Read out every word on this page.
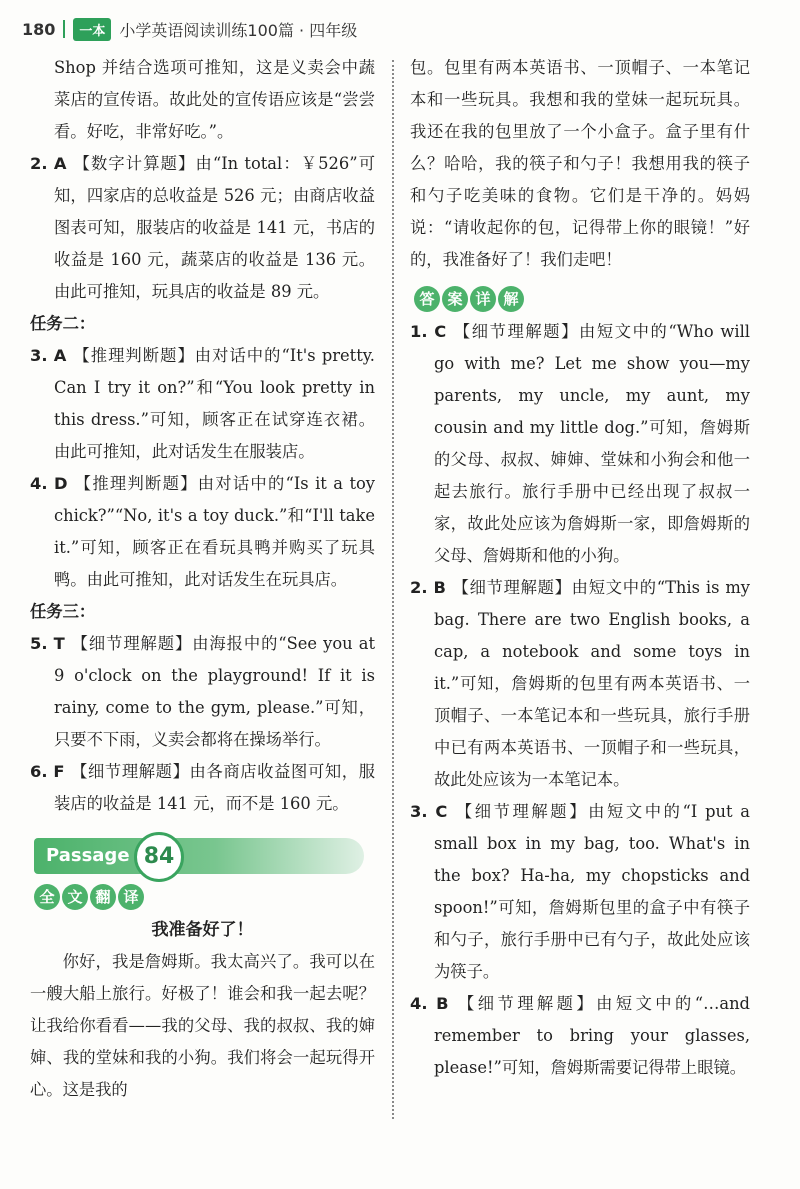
180	一本 小学英语阅读训练100篇 · 四年级

Shop 并结合选项可推知，这是义卖会中蔬菜店的宣传语。故此处的宣传语应该是“尝尝看。好吃，非常好吃。”。

2. A 【数字计算题】由“In total：￥526”可知，四家店的总收益是 526 元；由商店收益图表可知，服装店的收益是 141 元，书店的收益是 160 元，蔬菜店的收益是 136 元。由此可推知，玩具店的收益是 89 元。

任务二：

3. A 【推理判断题】由对话中的“It's pretty. Can I try it on?”和“You look pretty in this dress.”可知，顾客正在试穿连衣裙。由此可推知，此对话发生在服装店。

4. D 【推理判断题】由对话中的“Is it a toy chick?”“No, it's a toy duck.”和“I'll take it.”可知，顾客正在看玩具鸭并购买了玩具鸭。由此可推知，此对话发生在玩具店。

任务三：

5. T 【细节理解题】由海报中的“See you at 9 o'clock on the playground! If it is rainy, come to the gym, please.”可知，只要不下雨，义卖会都将在操场举行。

6. F 【细节理解题】由各商店收益图可知，服装店的收益是 141 元，而不是 160 元。

Passage 84
全 文 翻 译

我准备好了！

你好，我是詹姆斯。我太高兴了。我可以在一艘大船上旅行。好极了！谁会和我一起去呢？让我给你看看——我的父母、我的叔叔、我的婶婶、我的堂妹和我的小狗。我们将会一起玩得开心。这是我的

包。包里有两本英语书、一顶帽子、一本笔记本和一些玩具。我想和我的堂妹一起玩玩具。我还在我的包里放了一个小盒子。盒子里有什么？哈哈，我的筷子和勺子！我想用我的筷子和勺子吃美味的食物。它们是干净的。妈妈说：“请收起你的包，记得带上你的眼镜！”好的，我准备好了！我们走吧！

答 案 详 解

1. C 【细节理解题】由短文中的“Who will go with me? Let me show you—my parents, my uncle, my aunt, my cousin and my little dog.”可知，詹姆斯的父母、叔叔、婶婶、堂妹和小狗会和他一起去旅行。旅行手册中已经出现了叔叔一家，故此处应该为詹姆斯一家，即詹姆斯的父母、詹姆斯和他的小狗。

2. B 【细节理解题】由短文中的“This is my bag. There are two English books, a cap, a notebook and some toys in it.”可知，詹姆斯的包里有两本英语书、一顶帽子、一本笔记本和一些玩具，旅行手册中已有两本英语书、一顶帽子和一些玩具，故此处应该为一本笔记本。

3. C 【细节理解题】由短文中的“I put a small box in my bag, too. What's in the box? Ha-ha, my chopsticks and spoon!”可知，詹姆斯包里的盒子中有筷子和勺子，旅行手册中已有勺子，故此处应该为筷子。

4. B 【细节理解题】由短文中的“…and remember to bring your glasses, please!”可知，詹姆斯需要记得带上眼镜。
